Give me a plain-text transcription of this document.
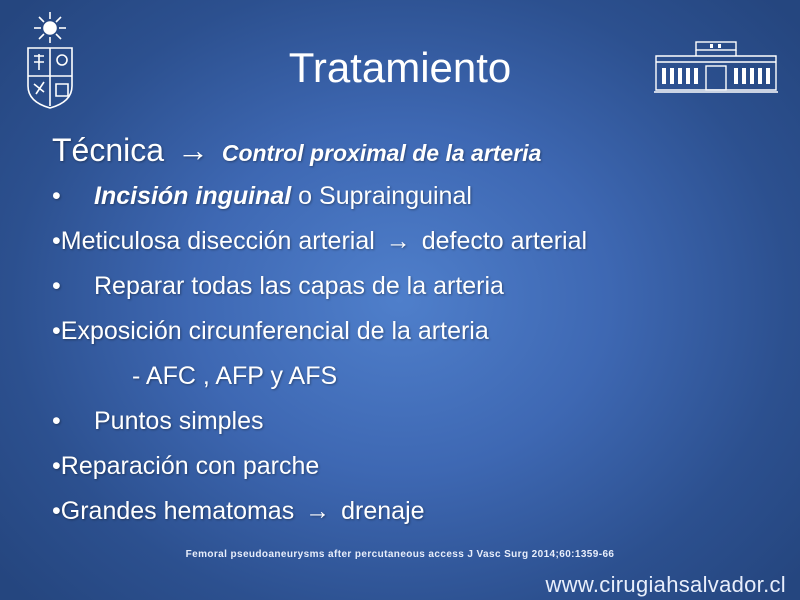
Tratamiento
Técnica → Control proximal de la arteria
• Incisión inguinal o Suprainguinal
•Meticulosa disección arterial → defecto arterial
• Reparar todas las capas de la arteria
•Exposición circunferencial de la arteria
- AFC , AFP y AFS
• Puntos simples
•Reparación con parche
•Grandes hematomas → drenaje
Femoral pseudoaneurysms after percutaneous access J Vasc Surg 2014;60:1359-66
www.cirugiahsalvador.cl
